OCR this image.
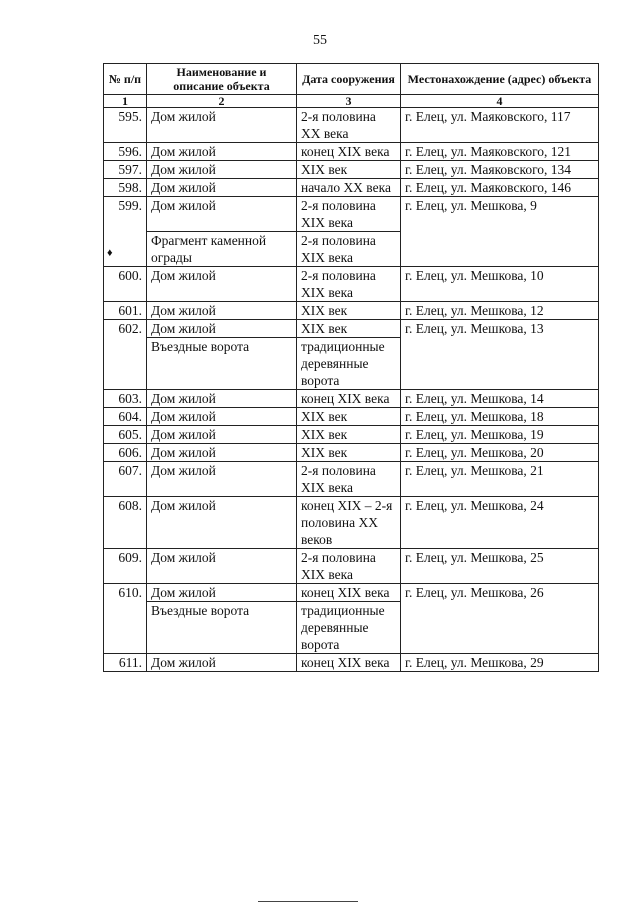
55
♦
№ п/п	Наименование и описание объекта	Дата сооружения	Местонахождение (адрес) объекта
1	2	3	4
595.	Дом жилой	2-я половина XX века	г. Елец, ул. Маяковского, 117
596.	Дом жилой	конец XIX века	г. Елец, ул. Маяковского, 121
597.	Дом жилой	XIX век	г. Елец, ул. Маяковского, 134
598.	Дом жилой	начало XX века	г. Елец, ул. Маяковского, 146
599.	Дом жилой	2-я половина XIX века	г. Елец, ул. Мешкова, 9
	Фрагмент каменной ограды	2-я половина XIX века	
600.	Дом жилой	2-я половина XIX века	г. Елец, ул. Мешкова, 10
601.	Дом жилой	XIX век	г. Елец, ул. Мешкова, 12
602.	Дом жилой	XIX век	г. Елец, ул. Мешкова, 13
	Въездные ворота	традиционные деревянные ворота	
603.	Дом жилой	конец XIX века	г. Елец, ул. Мешкова, 14
604.	Дом жилой	XIX век	г. Елец, ул. Мешкова, 18
605.	Дом жилой	XIX век	г. Елец, ул. Мешкова, 19
606.	Дом жилой	XIX век	г. Елец, ул. Мешкова, 20
607.	Дом жилой	2-я половина XIX века	г. Елец, ул. Мешкова, 21
608.	Дом жилой	конец XIX – 2-я половина XX веков	г. Елец, ул. Мешкова, 24
609.	Дом жилой	2-я половина XIX века	г. Елец, ул. Мешкова, 25
610.	Дом жилой	конец XIX века	г. Елец, ул. Мешкова, 26
	Въездные ворота	традиционные деревянные ворота	
611.	Дом жилой	конец XIX века	г. Елец, ул. Мешкова, 29
